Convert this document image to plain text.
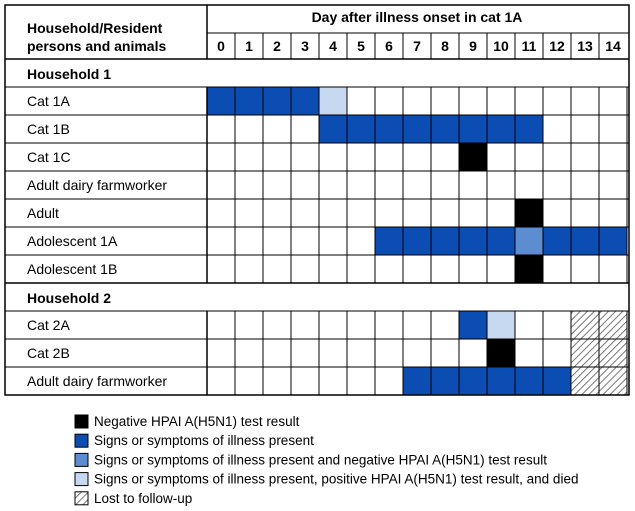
Household/Resident
persons and animals
Day after illness onset in cat 1A
0 1 2 3 4 5 6 7 8 9 10 11 12 13 14
Household 1
Cat 1A
Cat 1B
Cat 1C
Adult dairy farmworker
Adult
Adolescent 1A
Adolescent 1B
Household 2
Cat 2A
Cat 2B
Adult dairy farmworker
Negative HPAI A(H5N1) test result
Signs or symptoms of illness present
Signs or symptoms of illness present and negative HPAI A(H5N1) test result
Signs or symptoms of illness present, positive HPAI A(H5N1) test result, and died
Lost to follow-up
